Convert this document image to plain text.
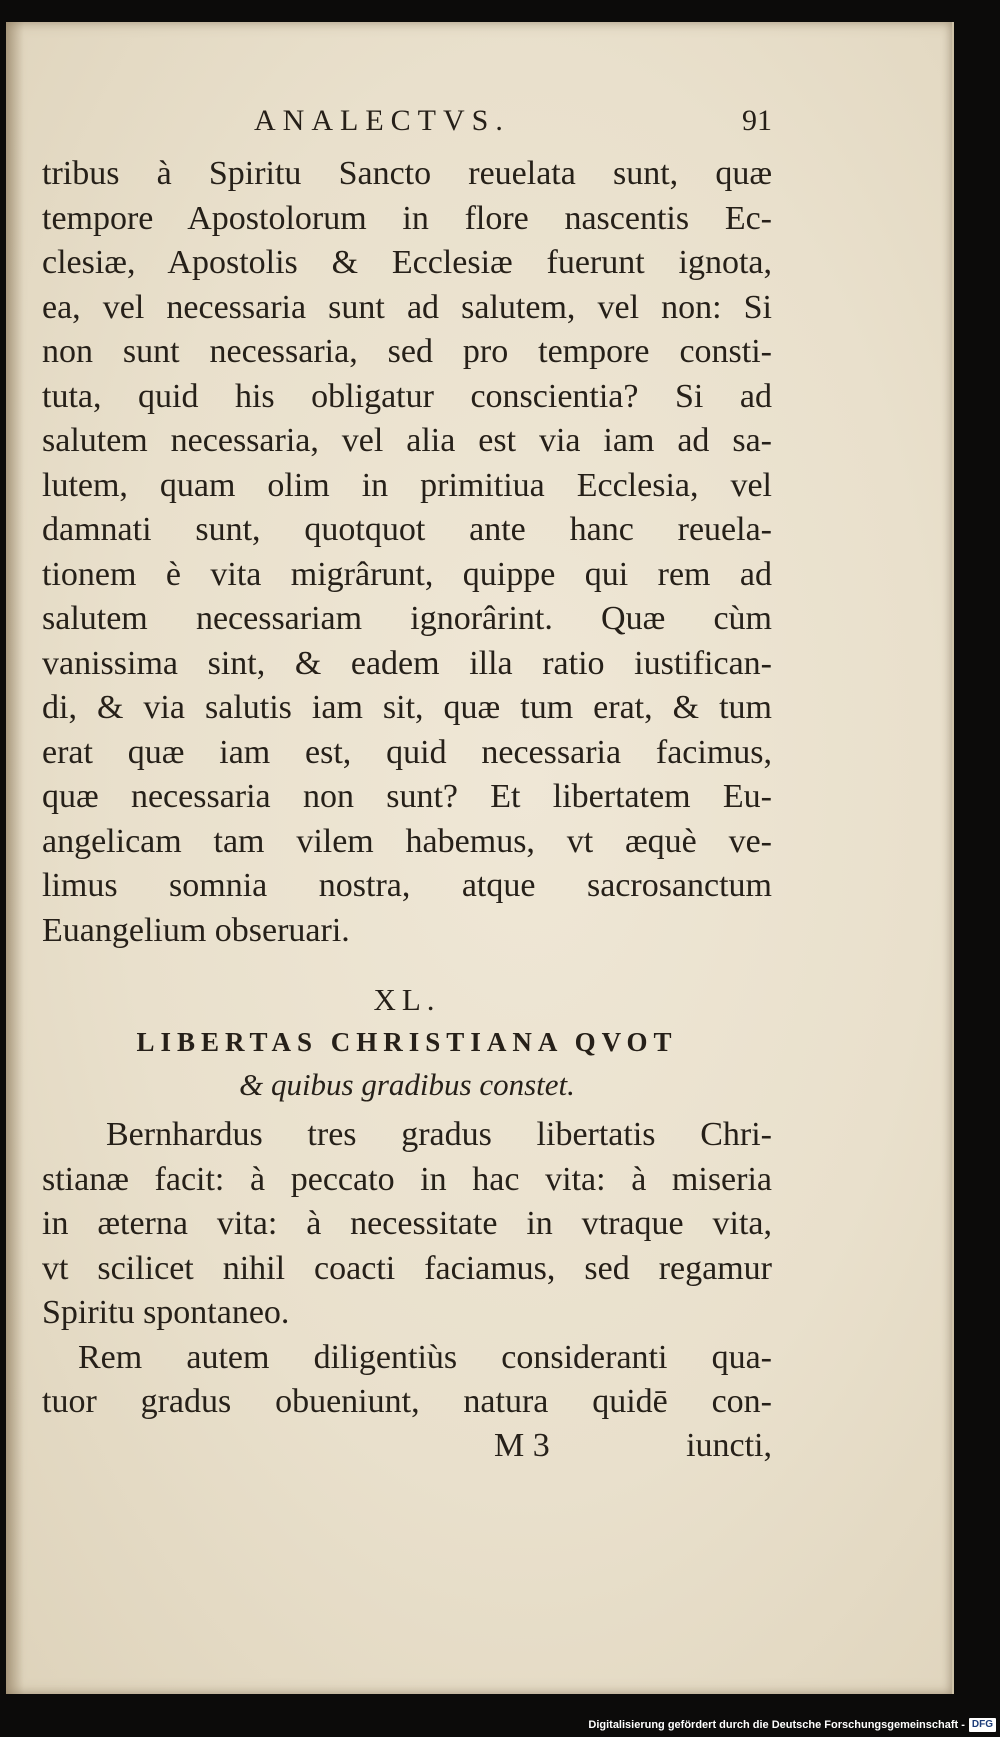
ANALECTVS.	91
tribus à Spiritu Sancto reuelata sunt, quæ
tempore Apostolorum in flore nascentis Ec-
clesiæ, Apostolis & Ecclesiæ fuerunt ignota,
ea, vel necessaria sunt ad salutem, vel non: Si
non sunt necessaria, sed pro tempore consti-
tuta, quid his obligatur conscientia? Si ad
salutem necessaria, vel alia est via iam ad sa-
lutem, quam olim in primitiua Ecclesia, vel
damnati sunt, quotquot ante hanc reuela-
tionem è vita migrârunt, quippe qui rem ad
salutem necessariam ignorârint. Quæ cùm
vanissima sint, & eadem illa ratio iustifican-
di, & via salutis iam sit, quæ tum erat, & tum
erat quæ iam est, quid necessaria facimus,
quæ necessaria non sunt? Et libertatem Eu-
angelicam tam vilem habemus, vt æquè ve-
limus somnia nostra, atque sacrosanctum
Euangelium obseruari.
XL.
LIBERTAS CHRISTIANA QVOT
& quibus gradibus constet.
Bernhardus tres gradus libertatis Chri-
stianæ facit: à peccato in hac vita: à miseria
in æterna vita: à necessitate in vtraque vita,
vt scilicet nihil coacti faciamus, sed regamur
Spiritu spontaneo.
Rem autem diligentiùs consideranti qua-
tuor gradus obueniunt, natura quidē con-
M 3	iuncti,
Digitalisierung gefördert durch die Deutsche Forschungsgemeinschaft - DFG
